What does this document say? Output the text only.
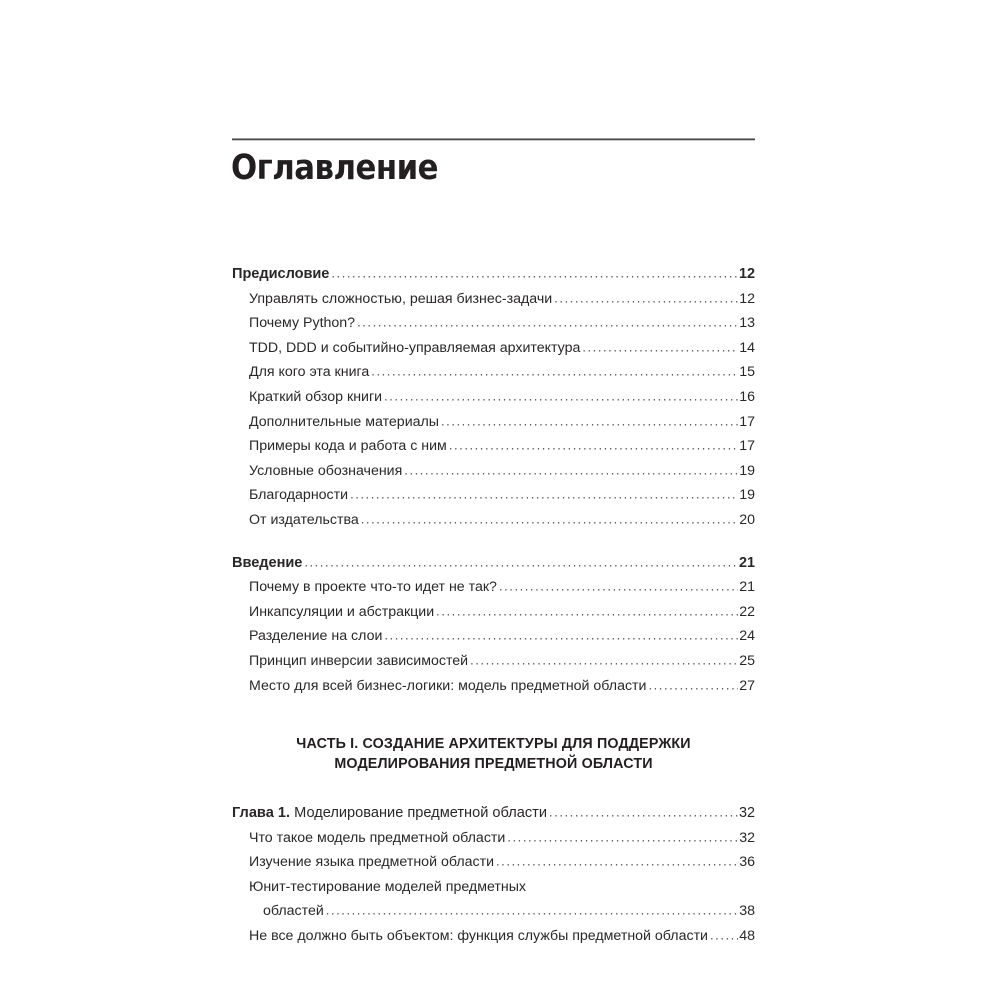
Оглавление
Предисловие .....	12
Управлять сложностью, решая бизнес-задачи .....	12
Почему Python? .....	13
TDD, DDD и событийно-управляемая архитектура .....	14
Для кого эта книга .....	15
Краткий обзор книги .....	16
Дополнительные материалы .....	17
Примеры кода и работа с ним .....	17
Условные обозначения .....	19
Благодарности .....	19
От издательства .....	20
Введение .....	21
Почему в проекте что-то идет не так? .....	21
Инкапсуляции и абстракции .....	22
Разделение на слои .....	24
Принцип инверсии зависимостей .....	25
Место для всей бизнес-логики: модель предметной области .....	27
ЧАСТЬ I. СОЗДАНИЕ АРХИТЕКТУРЫ ДЛЯ ПОДДЕРЖКИ
МОДЕЛИРОВАНИЯ ПРЕДМЕТНОЙ ОБЛАСТИ
Глава 1. Моделирование предметной области .....	32
Что такое модель предметной области .....	32
Изучение языка предметной области .....	36
Юнит-тестирование моделей предметных
областей .....	38
Не все должно быть объектом: функция службы предметной области ..... 48
